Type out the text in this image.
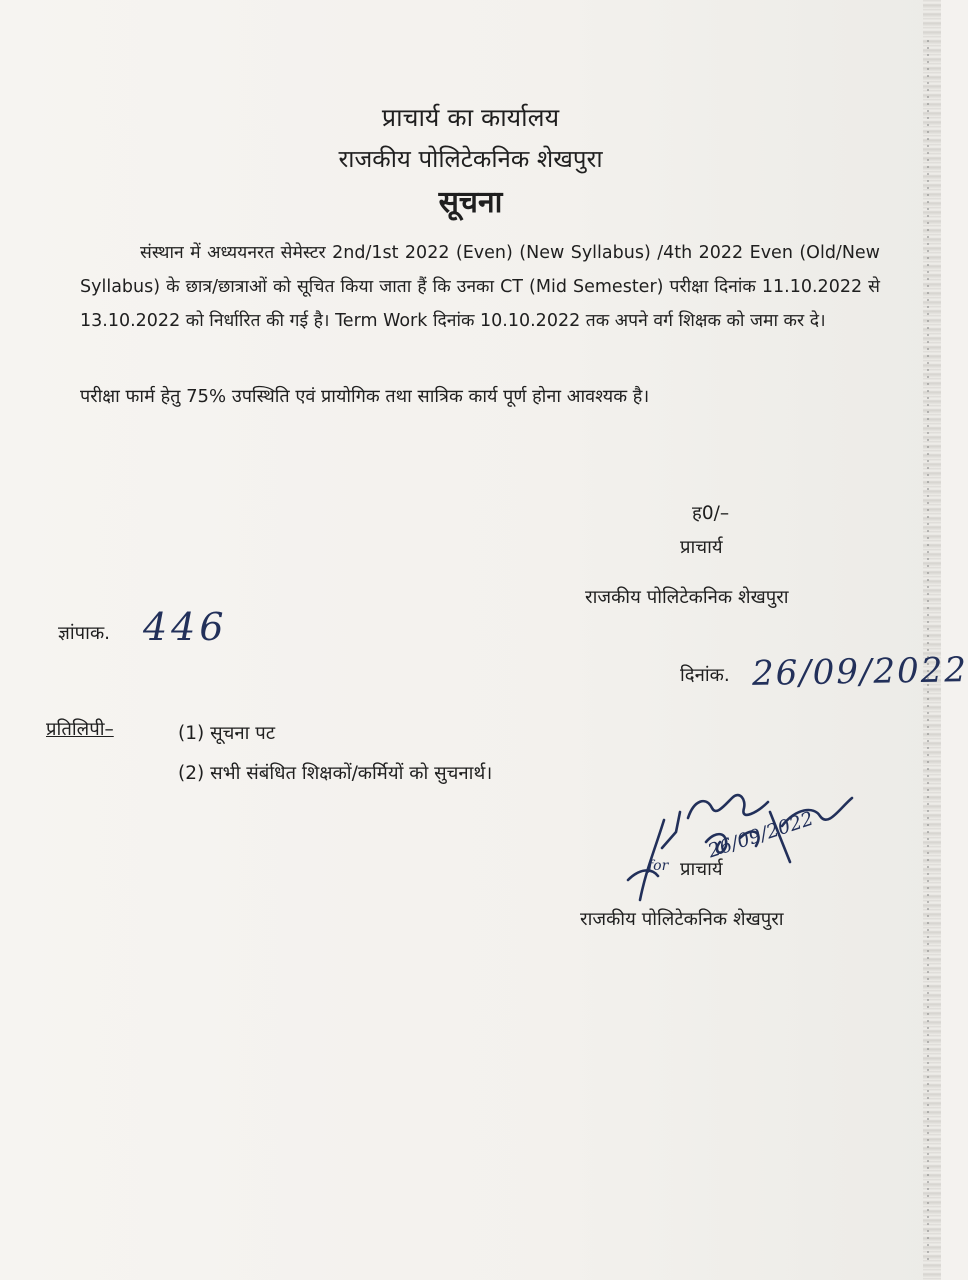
प्राचार्य का कार्यालय
राजकीय पोलिटेकनिक शेखपुरा
सूचना
संस्थान में अध्ययनरत सेमेस्टर 2nd/1st 2022 (Even) (New Syllabus) /4th 2022 Even (Old/New Syllabus) के छात्र/छात्राओं को सूचित किया जाता हैं कि उनका CT (Mid Semester) परीक्षा दिनांक 11.10.2022 से 13.10.2022 को निर्धारित की गई है। Term Work दिनांक 10.10.2022 तक अपने वर्ग शिक्षक को जमा कर दे।
परीक्षा फार्म हेतु 75% उपस्थिति एवं प्रायोगिक तथा सात्रिक कार्य पूर्ण होना आवश्यक है।
ह0/–
प्राचार्य
राजकीय पोलिटेकनिक शेखपुरा
ज्ञांपाक. 446
दिनांक. 26/09/2022
प्रतिलिपी–	(1) सूचना पट
(2) सभी संबंधित शिक्षकों/कर्मियों को सुचनार्थ।
26/09/2022
for प्राचार्य
राजकीय पोलिटेकनिक शेखपुरा
